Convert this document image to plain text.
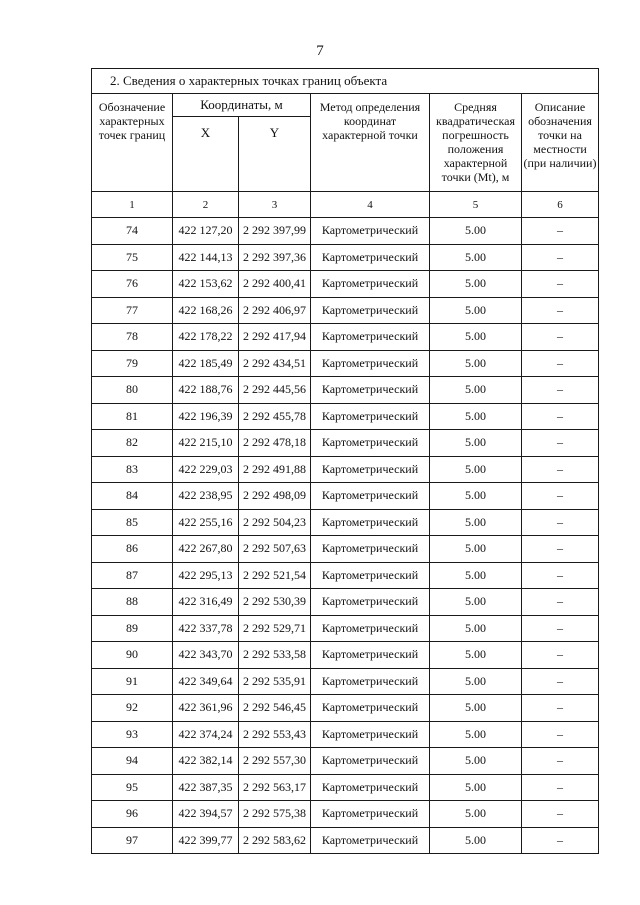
7
2. Сведения о характерных точках границ объекта					
Обозначение характерных точек границ	Координаты, м		Метод определения координат характерной точки	Средняя квадратическая погрешность положения характерной точки (Mt), м	Описание обозначения точки на местности (при наличии)
	X	Y			
1	2	3	4	5	6
74	422 127,20	2 292 397,99	Картометрический	5.00	–
75	422 144,13	2 292 397,36	Картометрический	5.00	–
76	422 153,62	2 292 400,41	Картометрический	5.00	–
77	422 168,26	2 292 406,97	Картометрический	5.00	–
78	422 178,22	2 292 417,94	Картометрический	5.00	–
79	422 185,49	2 292 434,51	Картометрический	5.00	–
80	422 188,76	2 292 445,56	Картометрический	5.00	–
81	422 196,39	2 292 455,78	Картометрический	5.00	–
82	422 215,10	2 292 478,18	Картометрический	5.00	–
83	422 229,03	2 292 491,88	Картометрический	5.00	–
84	422 238,95	2 292 498,09	Картометрический	5.00	–
85	422 255,16	2 292 504,23	Картометрический	5.00	–
86	422 267,80	2 292 507,63	Картометрический	5.00	–
87	422 295,13	2 292 521,54	Картометрический	5.00	–
88	422 316,49	2 292 530,39	Картометрический	5.00	–
89	422 337,78	2 292 529,71	Картометрический	5.00	–
90	422 343,70	2 292 533,58	Картометрический	5.00	–
91	422 349,64	2 292 535,91	Картометрический	5.00	–
92	422 361,96	2 292 546,45	Картометрический	5.00	–
93	422 374,24	2 292 553,43	Картометрический	5.00	–
94	422 382,14	2 292 557,30	Картометрический	5.00	–
95	422 387,35	2 292 563,17	Картометрический	5.00	–
96	422 394,57	2 292 575,38	Картометрический	5.00	–
97	422 399,77	2 292 583,62	Картометрический	5.00	–
